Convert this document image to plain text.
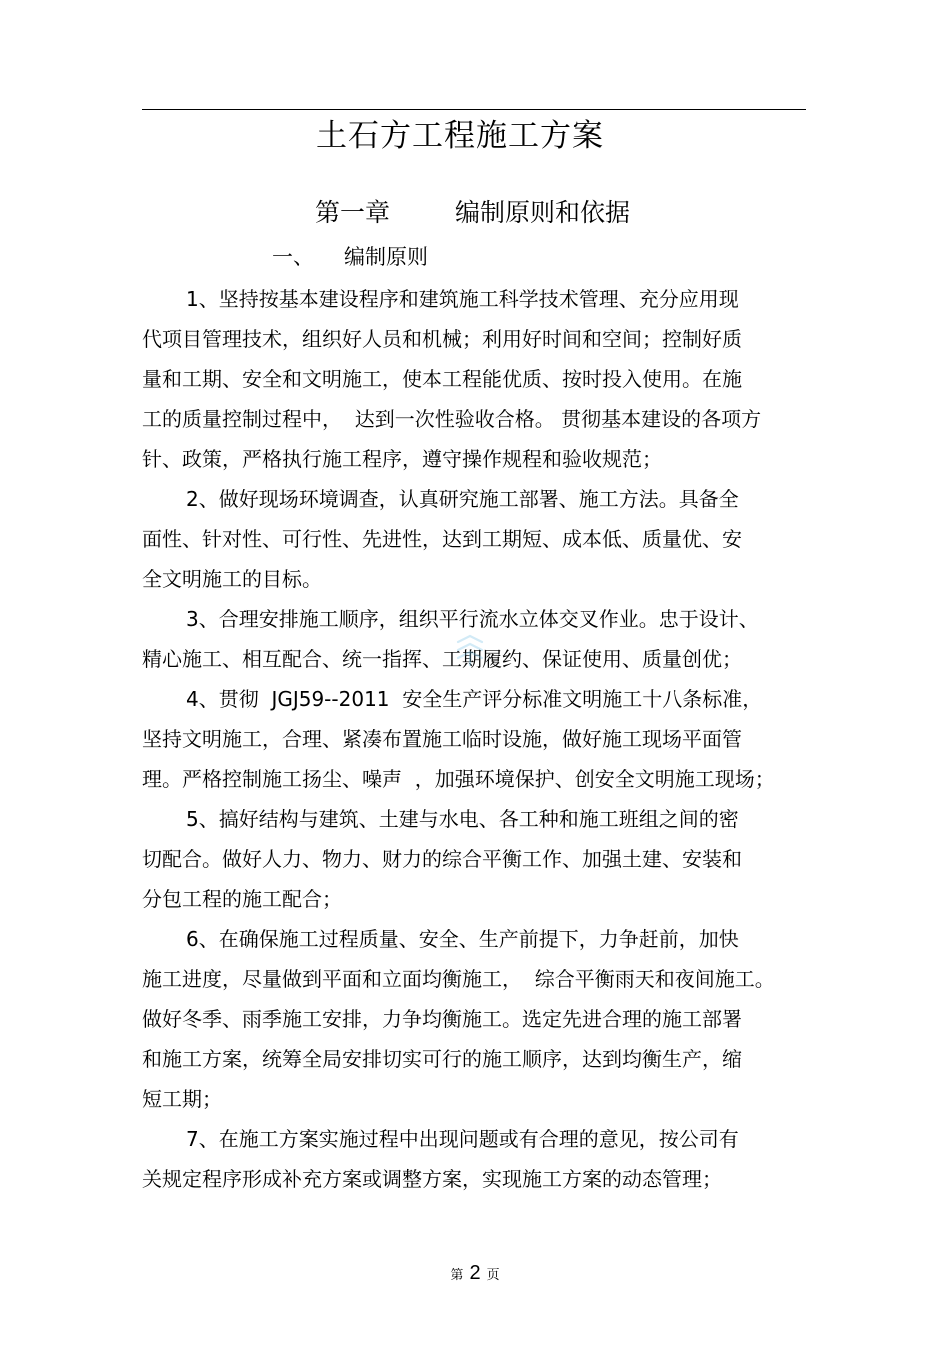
土石方工程施工方案
第一章	编制原则和依据
一、 编制原则
1、坚持按基本建设程序和建筑施工科学技术管理、充分应用现
代项目管理技术，组织好人员和机械；利用好时间和空间；控制好质
量和工期、安全和文明施工，使本工程能优质、按时投入使用。在施
工的质量控制过程中，  达到一次性验收合格。 贯彻基本建设的各项方
针、政策，严格执行施工程序，遵守操作规程和验收规范；
2、做好现场环境调查，认真研究施工部署、施工方法。具备全
面性、针对性、可行性、先进性，达到工期短、成本低、质量优、安
全文明施工的目标。
3、合理安排施工顺序，组织平行流水立体交叉作业。忠于设计、
精心施工、相互配合、统一指挥、工期履约、保证使用、质量创优；
4、贯彻  JGJ59--2011  安全生产评分标准文明施工十八条标准，
坚持文明施工，合理、紧凑布置施工临时设施，做好施工现场平面管
理。严格控制施工扬尘、噪声  ，加强环境保护、创安全文明施工现场；
5、搞好结构与建筑、土建与水电、各工种和施工班组之间的密
切配合。做好人力、物力、财力的综合平衡工作、加强土建、安装和
分包工程的施工配合；
6、在确保施工过程质量、安全、生产前提下，力争赶前，加快
施工进度，尽量做到平面和立面均衡施工，  综合平衡雨天和夜间施工。
做好冬季、雨季施工安排，力争均衡施工。选定先进合理的施工部署
和施工方案，统筹全局安排切实可行的施工顺序，达到均衡生产，缩
短工期；
7、在施工方案实施过程中出现问题或有合理的意见，按公司有
关规定程序形成补充方案或调整方案，实现施工方案的动态管理；
第 2 页
